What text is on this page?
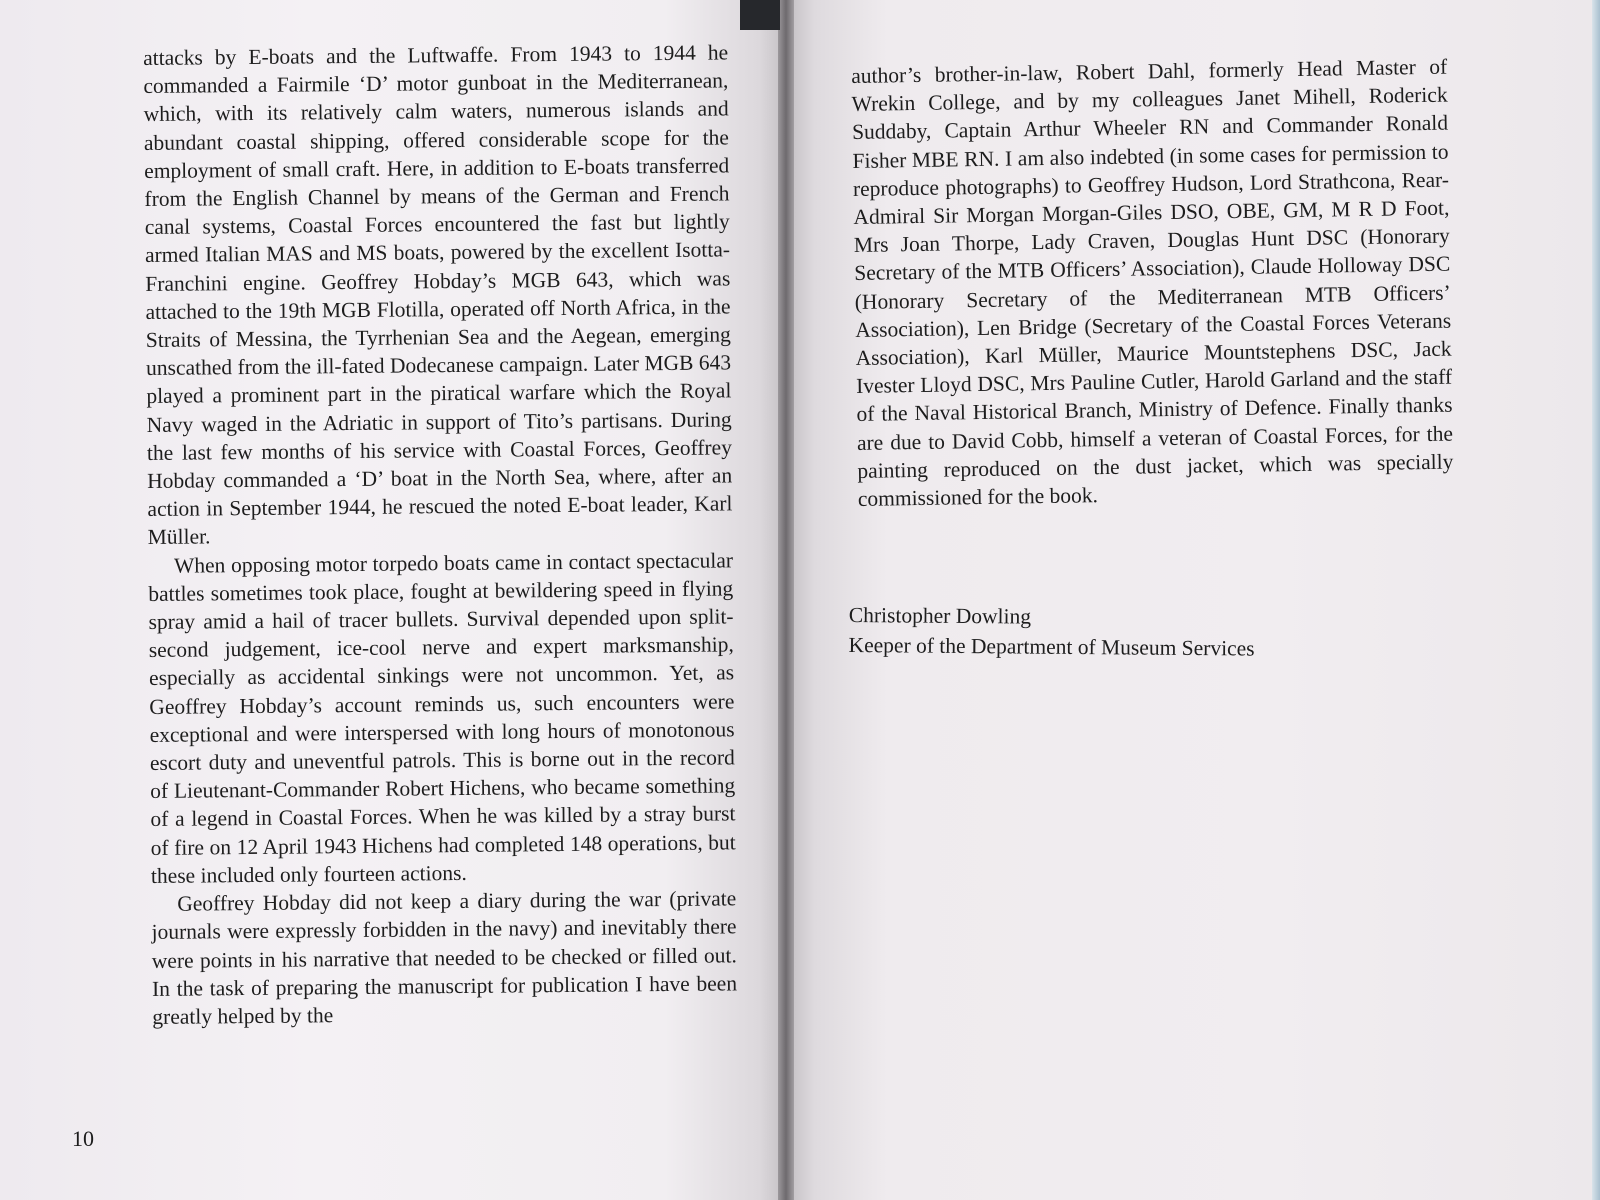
attacks by E-boats and the Luftwaffe. From 1943 to 1944 he commanded a Fairmile ‘D’ motor gunboat in the Mediterranean, which, with its relatively calm waters, numerous islands and abundant coastal shipping, offered considerable scope for the employment of small craft. Here, in addition to E-boats transferred from the English Channel by means of the German and French canal systems, Coastal Forces encountered the fast but lightly armed Italian MAS and MS boats, powered by the excellent Isotta-Franchini engine. Geoffrey Hobday’s MGB 643, which was attached to the 19th MGB Flotilla, operated off North Africa, in the Straits of Messina, the Tyrrhenian Sea and the Aegean, emerging unscathed from the ill-fated Dodecanese campaign. Later MGB 643 played a prominent part in the piratical warfare which the Royal Navy waged in the Adriatic in support of Tito’s partisans. During the last few months of his service with Coastal Forces, Geoffrey Hobday commanded a ‘D’ boat in the North Sea, where, after an action in September 1944, he rescued the noted E-boat leader, Karl Müller.

When opposing motor torpedo boats came in contact spectacular battles sometimes took place, fought at bewildering speed in flying spray amid a hail of tracer bullets. Survival depended upon split-second judgement, ice-cool nerve and expert marksmanship, especially as accidental sinkings were not uncommon. Yet, as Geoffrey Hobday’s account reminds us, such encounters were exceptional and were interspersed with long hours of monotonous escort duty and uneventful patrols. This is borne out in the record of Lieutenant-Commander Robert Hichens, who became something of a legend in Coastal Forces. When he was killed by a stray burst of fire on 12 April 1943 Hichens had completed 148 operations, but these included only fourteen actions.

Geoffrey Hobday did not keep a diary during the war (private journals were expressly forbidden in the navy) and inevitably there were points in his narrative that needed to be checked or filled out. In the task of preparing the manuscript for publication I have been greatly helped by the

10

author’s brother-in-law, Robert Dahl, formerly Head Master of Wrekin College, and by my colleagues Janet Mihell, Roderick Suddaby, Captain Arthur Wheeler RN and Commander Ronald Fisher MBE RN. I am also indebted (in some cases for permission to reproduce photographs) to Geoffrey Hudson, Lord Strathcona, Rear-Admiral Sir Morgan Morgan-Giles DSO, OBE, GM, M R D Foot, Mrs Joan Thorpe, Lady Craven, Douglas Hunt DSC (Honorary Secretary of the MTB Officers’ Association), Claude Holloway DSC (Honorary Secretary of the Mediterranean MTB Officers’ Association), Len Bridge (Secretary of the Coastal Forces Veterans Association), Karl Müller, Maurice Mountstephens DSC, Jack Ivester Lloyd DSC, Mrs Pauline Cutler, Harold Garland and the staff of the Naval Historical Branch, Ministry of Defence. Finally thanks are due to David Cobb, himself a veteran of Coastal Forces, for the painting reproduced on the dust jacket, which was specially commissioned for the book.

Christopher Dowling
Keeper of the Department of Museum Services
